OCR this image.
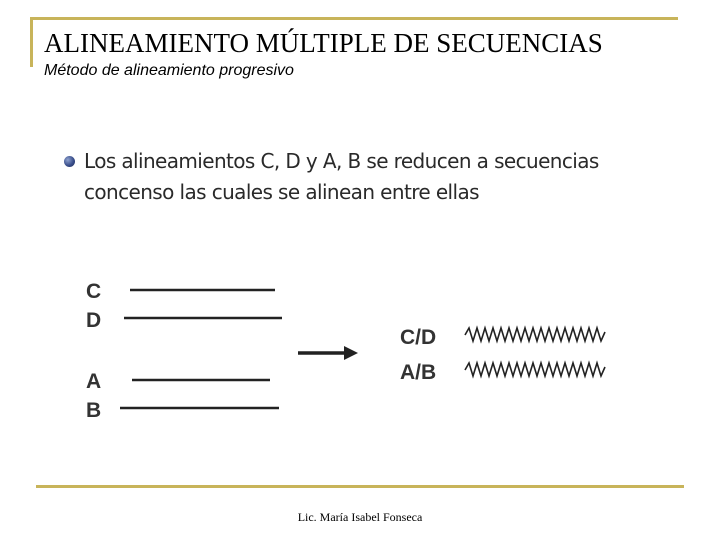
ALINEAMIENTO MÚLTIPLE DE SECUENCIAS
Método de alineamiento progresivo
Los alineamientos C, D y A, B se reducen a secuencias concenso las cuales se alinean entre ellas
C
D
A
B
C/D
A/B
Lic. María Isabel Fonseca
